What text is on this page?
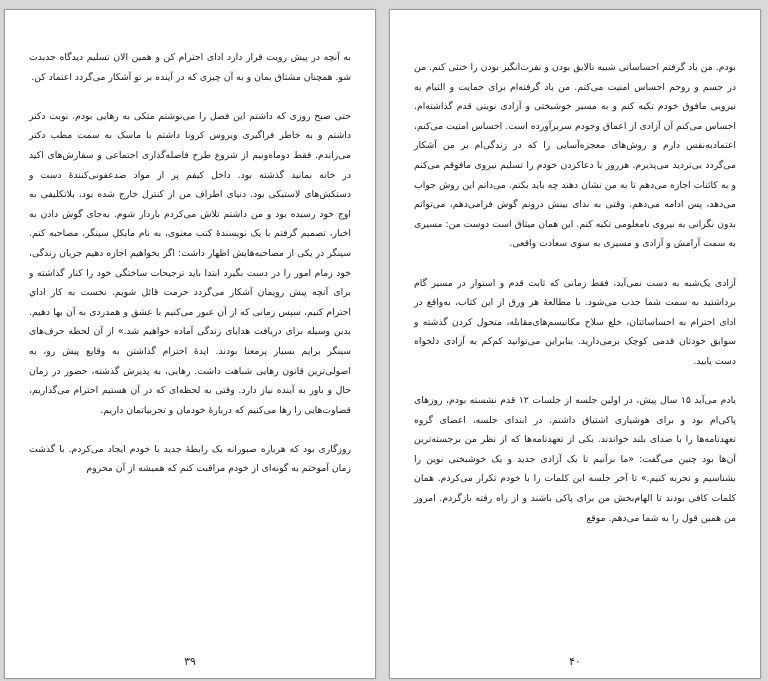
به آنچه در پیش رویت قرار دارد ادای احترام کن و همین الان تسلیم دیدگاه جدیدت شو. همچنان مشتاق بمان و به آن چیزی که در آینده بر تو آشکار می‌گردد اعتماد کن.

حتی صبح روزی که داشتم این فصل را می‌نوشتم متکی به رهایی بودم. نوبت دکتر داشتم و به خاطر فراگیری ویروس کرونا داشتم با ماسک به سمت مطب دکتر می‌راندم. فقط دوماه‌ونیم از شروع طرح فاصله‌گذاری اجتماعی و سفارش‌های اکید در خانه بمانید گذشته بود. داخل کیفم پر از مواد ضدعفونی‌کنندهٔ دست و دستکش‌های لاستیکی بود. دنیای اطراف من از کنترل خارج شده بود، بلاتکلیفی به اوج خود رسیده بود و من داشتم تلاش می‌کردم باردار شوم. به‌جای گوش دادن به اخبار، تصمیم گرفتم با یک نویسندهٔ کتب معنوی، به نام مایکل سینگر، مصاحبه کنم. سینگر در یکی از مصاحبه‌هایش اظهار داشت: اگر بخواهیم اجازه دهیم جریان زندگی، خود زمام امور را در دست بگیرد ابتدا باید ترجیحات ساختگی خود را کنار گذاشته و برای آنچه پیش رویمان آشکار می‌گردد حرمت قائل شویم. نخست به کار اداي احترام کنیم، سپس زمانی که از آن عبور می‌کنیم با عشق و همدردی به آن بها دهیم. بدین وسیله برای دریافت هدایای زندگی آماده خواهیم شد.» از آن لحظه حرف‌های سینگر برایم بسیار پرمعنا بودند. ایدهٔ احترام گذاشتن به وقایع پیش رو، به اصولی‌ترین قانون رهایی شباهت داشت. رهایی، به پذیرش گذشته، حضور در زمان حال و باور به آینده نیاز دارد. وقتی به لحظه‌ای که در آن هستیم احترام می‌گذاریم، قضاوت‌هایی را رها می‌کنیم که دربارهٔ خودمان و تجربیاتمان داریم.

روزگاری بود که هرباره صبورانه یک رابطهٔ جدید با خودم ایجاد می‌کردم. با گذشت زمان آموختم به گونه‌ای از خودم مراقبت کنم که همیشه از آن محروم

۳۹

بودم. من یاد گرفتم احساساتی شبیه نالایق بودن و نفرت‌انگیز بودن را خنثی کنم. من در جسم و روحم احساس امنیت می‌کنم. من یاد گرفته‌ام برای حمایت و التیام به نیرویی مافوق خودم تکیه کنم و به مسیر خوشبختی و آزادی نوینی قدم گذاشته‌ام. احساس می‌کنم آن آزادی از اعماق وجودم سربرآورده است. احساس امنیت می‌کنم، اعتماد‌به‌نفس دارم و روش‌های معجزه‌آسایی را که در زندگی‌ام بر من آشکار می‌گردد بی‌تردید می‌پذیرم. هرروز با دعاکردن خودم را تسلیم نیروی مافوقم می‌کنم و به کائنات اجازه می‌دهم تا به من نشان دهند چه باید بکنم. می‌دانم این روش جواب می‌دهد، پس ادامه می‌دهم. وقتی به ندای بینش درونم گوش فرامی‌دهم، می‌توانم بدون نگرانی به نیروی نامعلومی تکیه کنم. این همان میثاق است دوست من: مسیری به سمت آرامش و آزادی و مسیری به سوی سعادت واقعی.

آزادی یک‌شبه به دست نمی‌آید، فقط زمانی که ثابت قدم و استوار در مسیر گام برداشتید به سمت شما جذب می‌شود. با مطالعهٔ هر ورق از این کتاب، به‌واقع در ادای احترام به احساساتتان، خلع سلاح مکانیسم‌های‌مقابله، متحول کردن گذشته و سوابق خودتان قدمی کوچک برمی‌دارید. بنابراین می‌توانید کم‌کم به آزادی دلخواه دست یابید.

یادم می‌آید ۱۵ سال پیش، در اولین جلسه از جلسات ۱۲ قدم نشسته بودم، روزهای پاکی‌ام بود و برای هوشیاری اشتیاق داشتم. در ابتدای جلسه، اعضای گروه تعهدنامه‌ها را با صدای بلند خواندند. یکی از تعهدنامه‌ها که از نظر من برجسته‌ترین آن‌ها بود چنین می‌گفت: «ما برآنیم تا یک آزادی جدید و یک خوشبختی نوین را بشناسیم و تجربه کنیم.» تا آخر جلسه این کلمات را با خودم تکرار می‌کردم. همان کلمات کافی بودند تا الهام‌بخش من برای پاکی باشند و از راه رفته بازگردم. امروز من همین قول را به شما می‌دهم. موقع

۴۰
